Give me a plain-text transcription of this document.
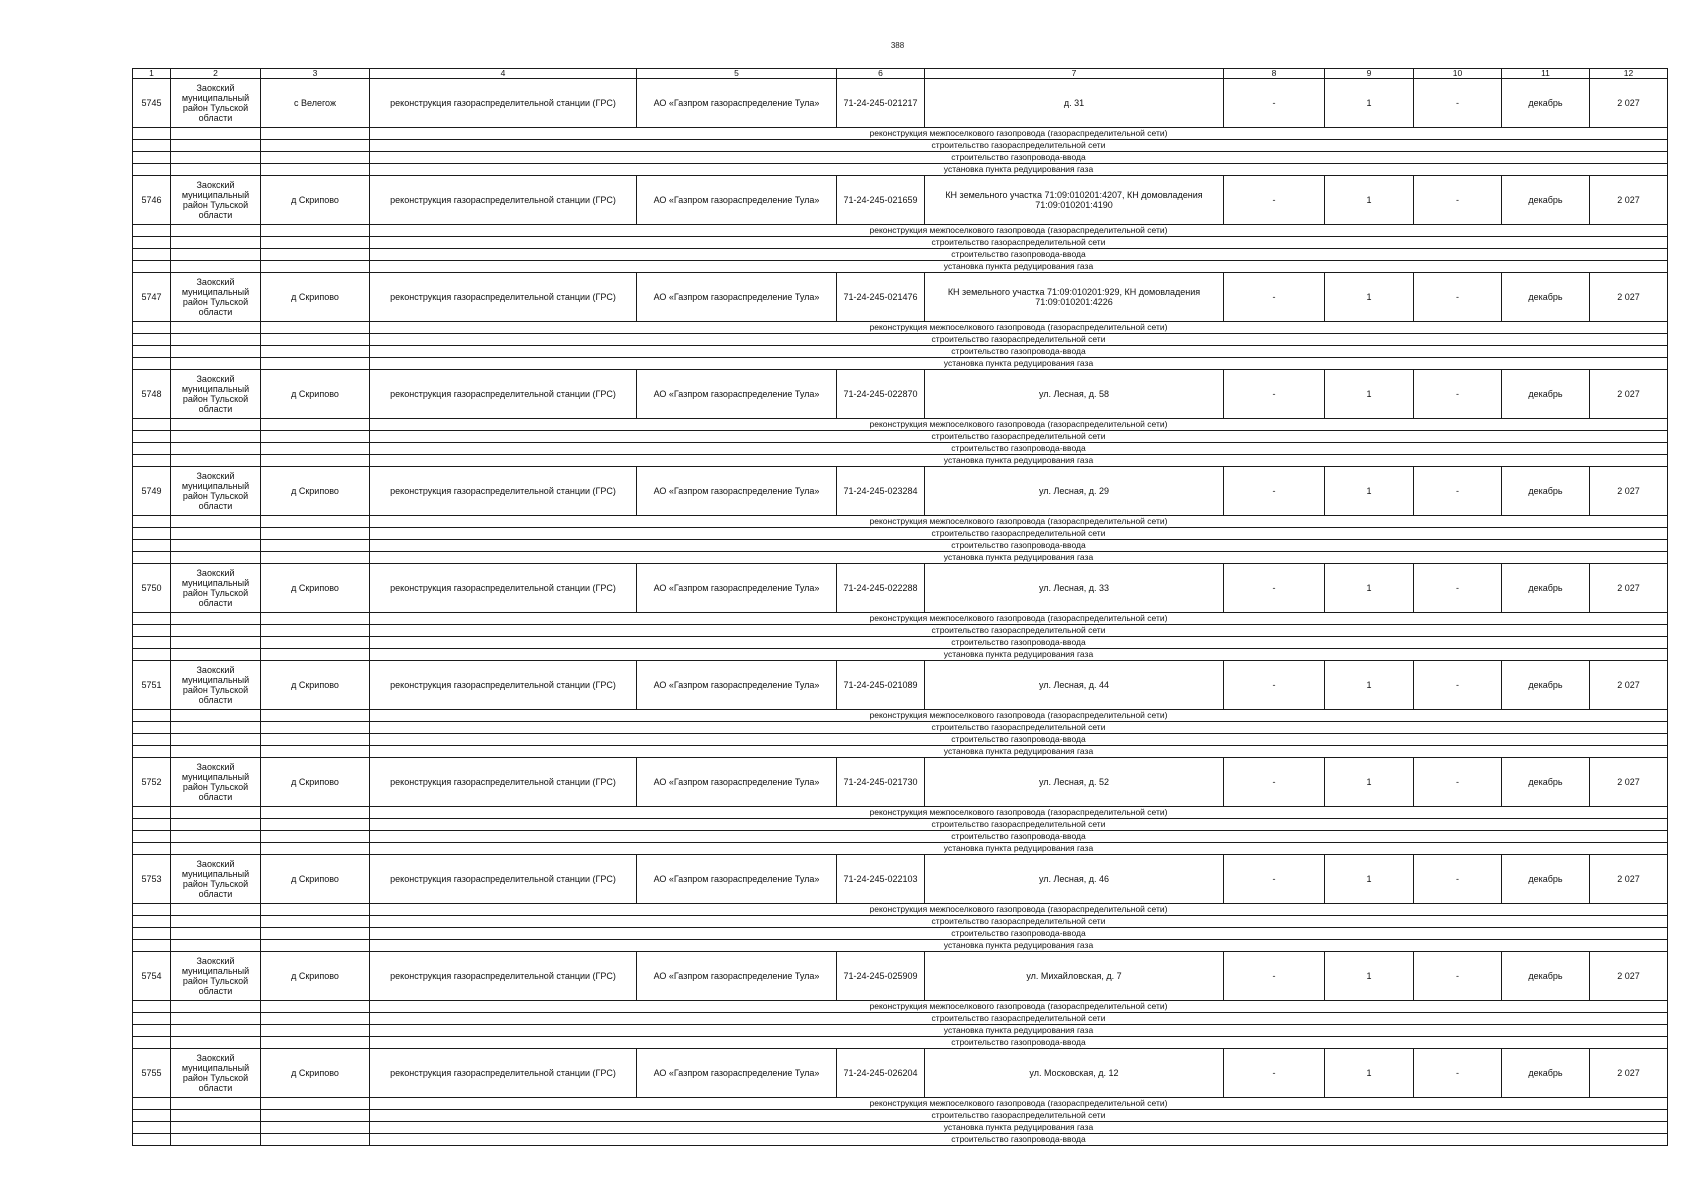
388
1	2	3	4	5	6	7	8	9	10	11	12
5745	Заокский муниципальный район Тульской области	с Велегож	реконструкция газораспределительной станции (ГРС)	АО «Газпром газораспределение Тула»	71-24-245-021217	д. 31	-	1	-	декабрь	2 027
			реконструкция межпоселкового газопровода (газораспределительной сети)								
			строительство газораспределительной сети								
			строительство газопровода-ввода								
			установка пункта редуцирования газа								
5746	Заокский муниципальный район Тульской области	д Скрипово	реконструкция газораспределительной станции (ГРС)	АО «Газпром газораспределение Тула»	71-24-245-021659	КН земельного участка 71:09:010201:4207, КН домовладения 71:09:010201:4190	-	1	-	декабрь	2 027
			реконструкция межпоселкового газопровода (газораспределительной сети)								
			строительство газораспределительной сети								
			строительство газопровода-ввода								
			установка пункта редуцирования газа								
5747	Заокский муниципальный район Тульской области	д Скрипово	реконструкция газораспределительной станции (ГРС)	АО «Газпром газораспределение Тула»	71-24-245-021476	КН земельного участка 71:09:010201:929, КН домовладения 71:09:010201:4226	-	1	-	декабрь	2 027
			реконструкция межпоселкового газопровода (газораспределительной сети)								
			строительство газораспределительной сети								
			строительство газопровода-ввода								
			установка пункта редуцирования газа								
5748	Заокский муниципальный район Тульской области	д Скрипово	реконструкция газораспределительной станции (ГРС)	АО «Газпром газораспределение Тула»	71-24-245-022870	ул. Лесная, д. 58	-	1	-	декабрь	2 027
			реконструкция межпоселкового газопровода (газораспределительной сети)								
			строительство газораспределительной сети								
			строительство газопровода-ввода								
			установка пункта редуцирования газа								
5749	Заокский муниципальный район Тульской области	д Скрипово	реконструкция газораспределительной станции (ГРС)	АО «Газпром газораспределение Тула»	71-24-245-023284	ул. Лесная, д. 29	-	1	-	декабрь	2 027
			реконструкция межпоселкового газопровода (газораспределительной сети)								
			строительство газораспределительной сети								
			строительство газопровода-ввода								
			установка пункта редуцирования газа								
5750	Заокский муниципальный район Тульской области	д Скрипово	реконструкция газораспределительной станции (ГРС)	АО «Газпром газораспределение Тула»	71-24-245-022288	ул. Лесная, д. 33	-	1	-	декабрь	2 027
			реконструкция межпоселкового газопровода (газораспределительной сети)								
			строительство газораспределительной сети								
			строительство газопровода-ввода								
			установка пункта редуцирования газа								
5751	Заокский муниципальный район Тульской области	д Скрипово	реконструкция газораспределительной станции (ГРС)	АО «Газпром газораспределение Тула»	71-24-245-021089	ул. Лесная, д. 44	-	1	-	декабрь	2 027
			реконструкция межпоселкового газопровода (газораспределительной сети)								
			строительство газораспределительной сети								
			строительство газопровода-ввода								
			установка пункта редуцирования газа								
5752	Заокский муниципальный район Тульской области	д Скрипово	реконструкция газораспределительной станции (ГРС)	АО «Газпром газораспределение Тула»	71-24-245-021730	ул. Лесная, д. 52	-	1	-	декабрь	2 027
			реконструкция межпоселкового газопровода (газораспределительной сети)								
			строительство газораспределительной сети								
			строительство газопровода-ввода								
			установка пункта редуцирования газа								
5753	Заокский муниципальный район Тульской области	д Скрипово	реконструкция газораспределительной станции (ГРС)	АО «Газпром газораспределение Тула»	71-24-245-022103	ул. Лесная, д. 46	-	1	-	декабрь	2 027
			реконструкция межпоселкового газопровода (газораспределительной сети)								
			строительство газораспределительной сети								
			строительство газопровода-ввода								
			установка пункта редуцирования газа								
5754	Заокский муниципальный район Тульской области	д Скрипово	реконструкция газораспределительной станции (ГРС)	АО «Газпром газораспределение Тула»	71-24-245-025909	ул. Михайловская, д. 7	-	1	-	декабрь	2 027
			реконструкция межпоселкового газопровода (газораспределительной сети)								
			строительство газораспределительной сети								
			установка пункта редуцирования газа								
			строительство газопровода-ввода								
5755	Заокский муниципальный район Тульской области	д Скрипово	реконструкция газораспределительной станции (ГРС)	АО «Газпром газораспределение Тула»	71-24-245-026204	ул. Московская, д. 12	-	1	-	декабрь	2 027
			реконструкция межпоселкового газопровода (газораспределительной сети)								
			строительство газораспределительной сети								
			установка пункта редуцирования газа								
			строительство газопровода-ввода								
